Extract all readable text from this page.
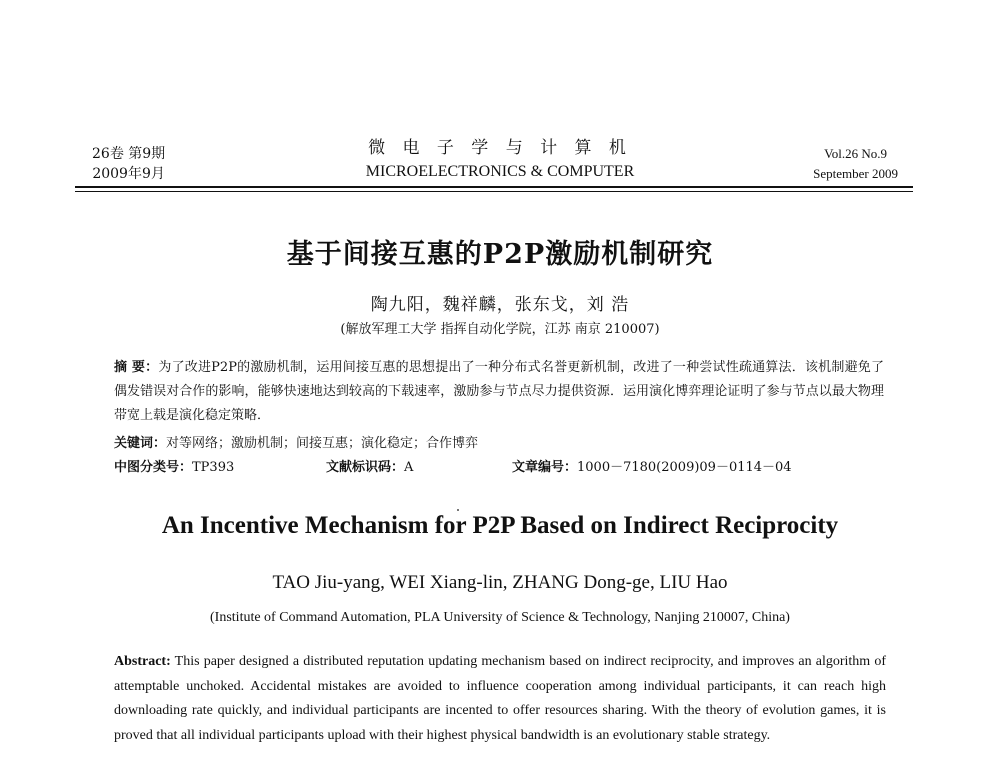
26卷 第9期
2009年9月
微 电 子 学 与 计 算 机
MICROELECTRONICS & COMPUTER
Vol.26 No.9
September 2009
基于间接互惠的P2P激励机制研究
陶九阳，魏祥麟，张东戈，刘 浩
(解放军理工大学 指挥自动化学院，江苏 南京 210007)
摘 要：为了改进P2P的激励机制，运用间接互惠的思想提出了一种分布式名誉更新机制，改进了一种尝试性疏通算法．该机制避免了偶发错误对合作的影响，能够快速地达到较高的下载速率，激励参与节点尽力提供资源．运用演化博弈理论证明了参与节点以最大物理带宽上载是演化稳定策略．
关键词：对等网络；激励机制；间接互惠；演化稳定；合作博弈
中图分类号：TP393	文献标识码：A	文章编号：1000－7180(2009)09－0114－04
An Incentive Mechanism for P2P Based on Indirect Reciprocity
TAO Jiu-yang, WEI Xiang-lin, ZHANG Dong-ge, LIU Hao
(Institute of Command Automation, PLA University of Science & Technology, Nanjing 210007, China)
Abstract: This paper designed a distributed reputation updating mechanism based on indirect reciprocity, and improves an algorithm of attemptable unchoked. Accidental mistakes are avoided to influence cooperation among individual participants, it can reach high downloading rate quickly, and individual participants are incented to offer resources sharing. With the theory of evolution games, it is proved that all individual participants upload with their highest physical bandwidth is an evolutionary stable strategy.
